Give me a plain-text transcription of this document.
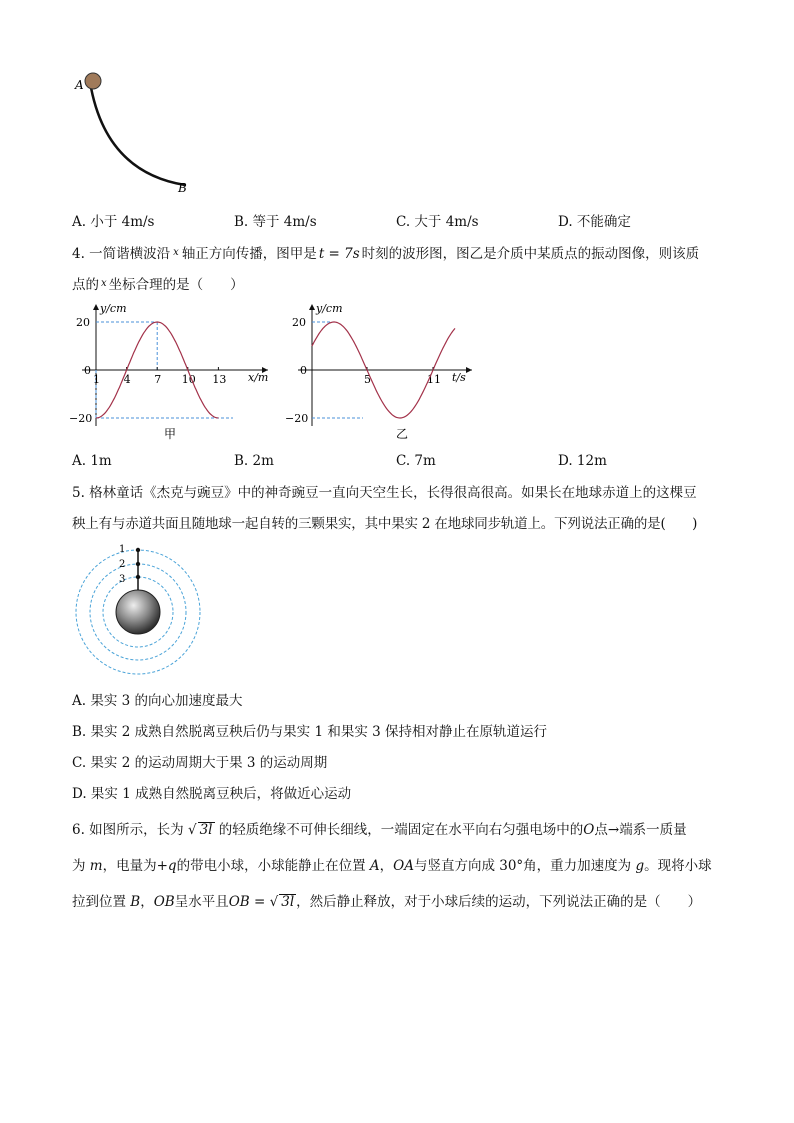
A
B
A. 小于 4m/s	B. 等于 4m/s	C. 大于 4m/s	D. 不能确定
4. 一简谐横波沿 $^x$ 轴正方向传播，图甲是 t = 7s 时刻的波形图，图乙是介质中某质点的振动图像，则该质
点的 $^x$ 坐标合理的是（　　）
y/cm
x/m
20
0
−20
1 4 7 10 13
甲
y/cm
t/s
20
0
−20
5	11
乙
A. 1m	B. 2m	C. 7m	D. 12m
5. 格林童话《杰克与豌豆》中的神奇豌豆一直向天空生长，长得很高很高。如果长在地球赤道上的这棵豆
秧上有与赤道共面且随地球一起自转的三颗果实，其中果实 2 在地球同步轨道上。下列说法正确的是(　　)
1
2
3
A. 果实 3 的向心加速度最大
B. 果实 2 成熟自然脱离豆秧后仍与果实 1 和果实 3 保持相对静止在原轨道运行
C. 果实 2 的运动周期大于果 3 的运动周期
D. 果实 1 成熟自然脱离豆秧后，将做近心运动
6. 如图所示，长为 √ 3l 的轻质绝缘不可伸长细线，一端固定在水平向右匀强电场中的O点→端系一质量
为 m，电量为+q的带电小球，小球能静止在位置 A，OA与竖直方向成 30°角，重力加速度为 g。现将小球
拉到位置 B，OB呈水平且OB = √ 3l ，然后静止释放，对于小球后续的运动，下列说法正确的是（　　）
